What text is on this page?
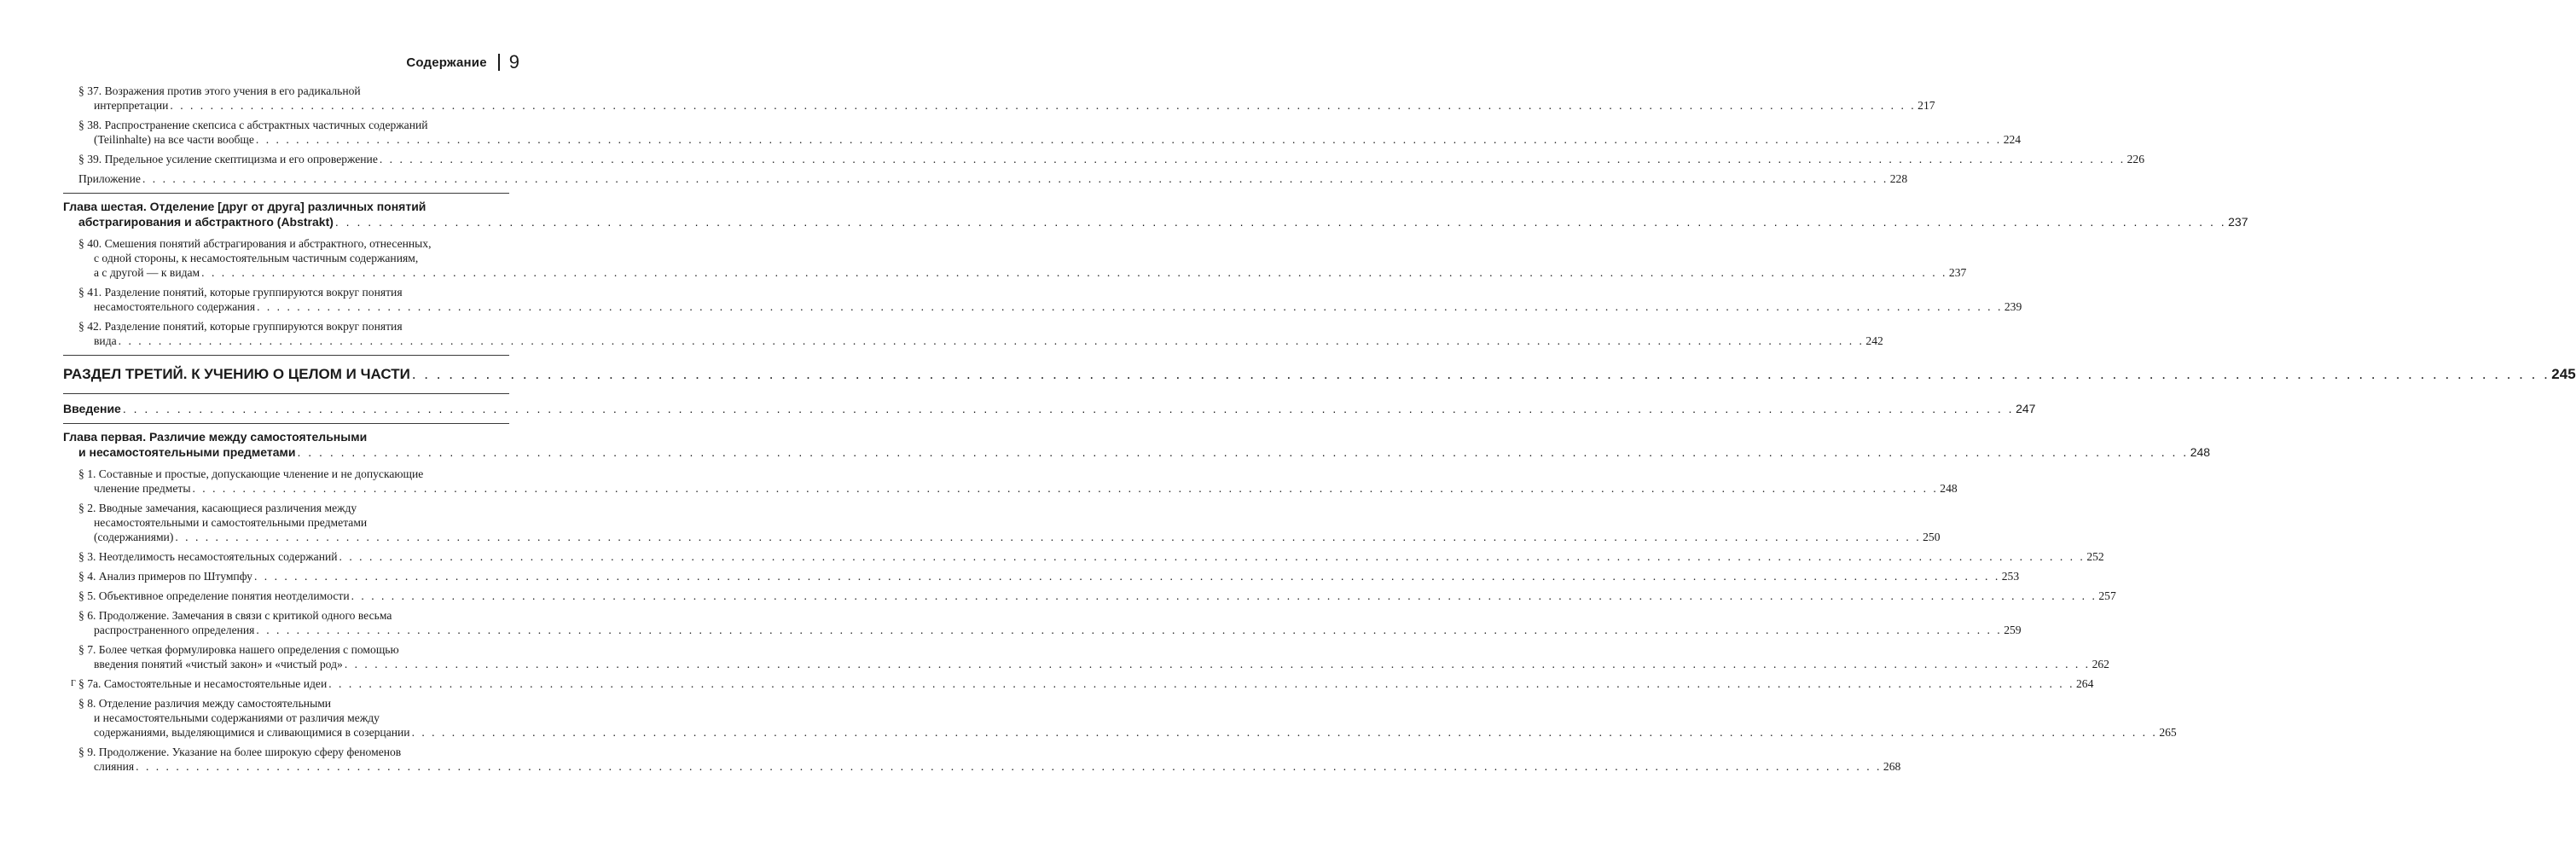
Содержание 9
§ 37. Возражения против этого учения в его радикальной
интерпретации . . .	217
§ 38. Распространение скепсиса с абстрактных частичных содержаний
(Teilinhalte) на все части вообще . . .	224
§ 39. Предельное усиление скептицизма и его опровержение . . .	226
Приложение . . .	228
Глава шестая. Отделение [друг от друга] различных понятий
абстрагирования и абстрактного (Abstrakt) . . .	237
§ 40. Смешения понятий абстрагирования и абстрактного, отнесенных,
с одной стороны, к несамостоятельным частичным содержаниям,
а с другой — к видам . . .	237
§ 41. Разделение понятий, которые группируются вокруг понятия
несамостоятельного содержания . . .	239
§ 42. Разделение понятий, которые группируются вокруг понятия
вида . . .	242
РАЗДЕЛ ТРЕТИЙ. К УЧЕНИЮ О ЦЕЛОМ И ЧАСТИ . . .	245
Введение . . .	247
Глава первая. Различие между самостоятельными
и несамостоятельными предметами . . .	248
§ 1. Составные и простые, допускающие членение и не допускающие
членение предметы . . .	248
§ 2. Вводные замечания, касающиеся различения между
несамостоятельными и самостоятельными предметами
(содержаниями) . . .	250
§ 3. Неотделимость несамостоятельных содержаний . . .	252
§ 4. Анализ примеров по Штумпфу . . .	253
§ 5. Объективное определение понятия неотделимости . . .	257
§ 6. Продолжение. Замечания в связи с критикой одного весьма
распространенного определения . . .	259
§ 7. Более четкая формулировка нашего определения с помощью
введения понятий «чистый закон» и «чистый род» . . .	262
Г § 7а. Самостоятельные и несамостоятельные идеи . . .	264
§ 8. Отделение различия между самостоятельными
и несамостоятельными содержаниями от различия между
содержаниями, выделяющимися и сливающимися в созерцании . . .	265
§ 9. Продолжение. Указание на более широкую сферу феноменов
слияния . . .	268
